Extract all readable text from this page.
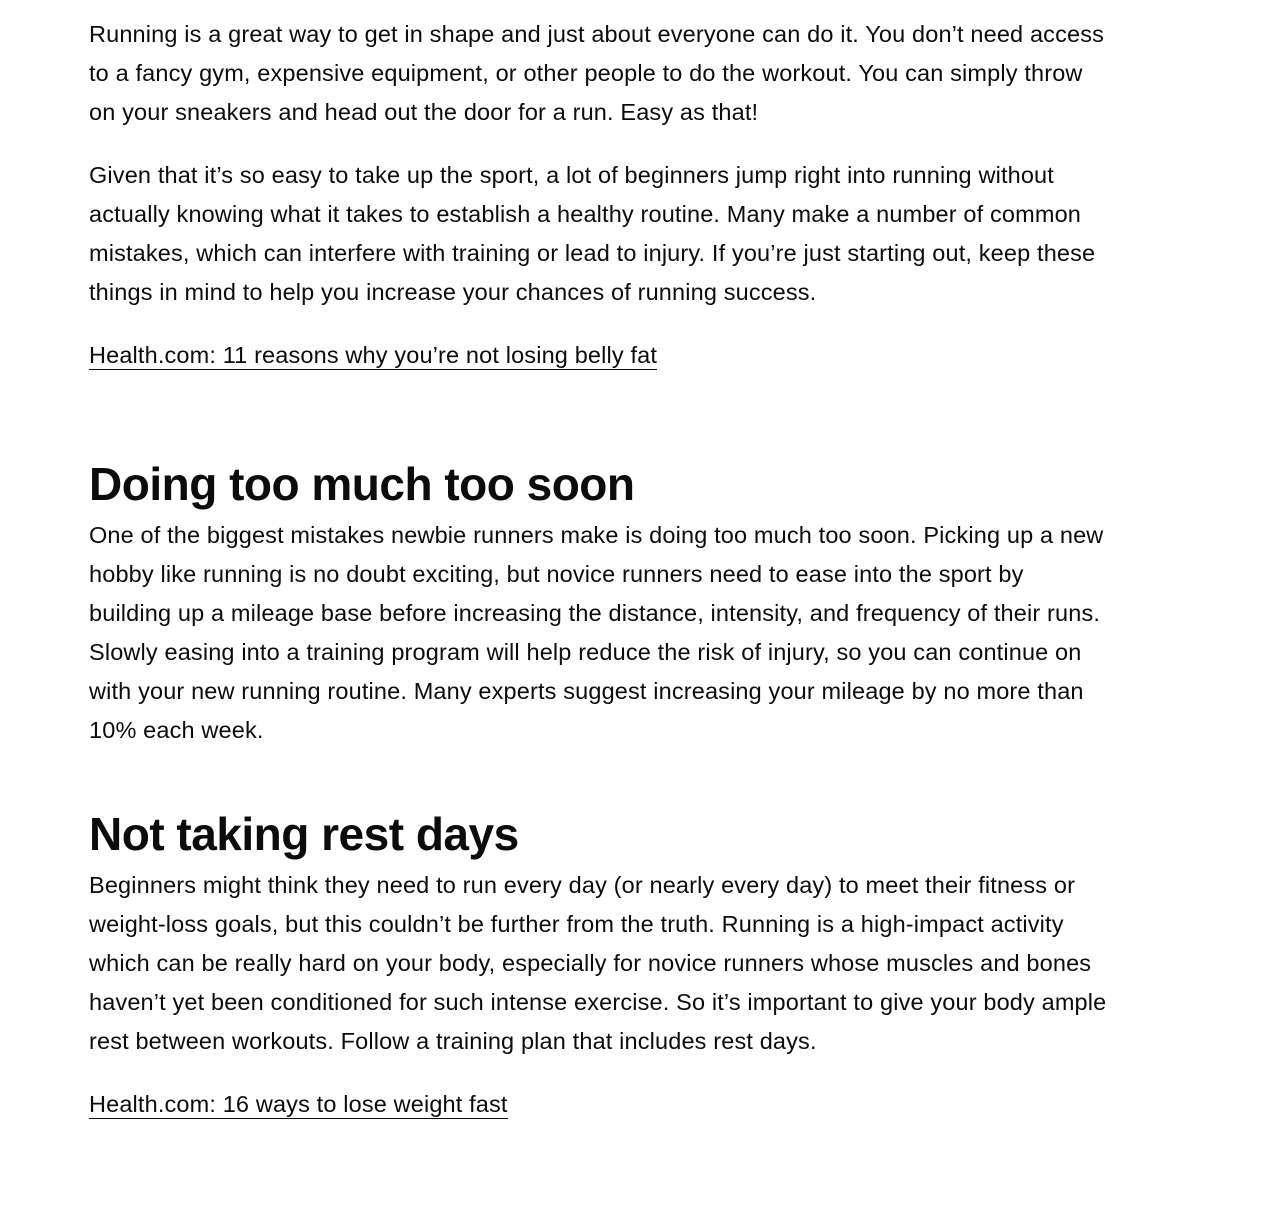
Running is a great way to get in shape and just about everyone can do it. You don’t need access to a fancy gym, expensive equipment, or other people to do the workout. You can simply throw on your sneakers and head out the door for a run. Easy as that!

Given that it’s so easy to take up the sport, a lot of beginners jump right into running without actually knowing what it takes to establish a healthy routine. Many make a number of common mistakes, which can interfere with training or lead to injury. If you’re just starting out, keep these things in mind to help you increase your chances of running success.

Health.com: 11 reasons why you’re not losing belly fat

Doing too much too soon

One of the biggest mistakes newbie runners make is doing too much too soon. Picking up a new hobby like running is no doubt exciting, but novice runners need to ease into the sport by building up a mileage base before increasing the distance, intensity, and frequency of their runs. Slowly easing into a training program will help reduce the risk of injury, so you can continue on with your new running routine. Many experts suggest increasing your mileage by no more than 10% each week.

Not taking rest days

Beginners might think they need to run every day (or nearly every day) to meet their fitness or weight-loss goals, but this couldn’t be further from the truth. Running is a high-impact activity which can be really hard on your body, especially for novice runners whose muscles and bones haven’t yet been conditioned for such intense exercise. So it’s important to give your body ample rest between workouts. Follow a training plan that includes rest days.

Health.com: 16 ways to lose weight fast
